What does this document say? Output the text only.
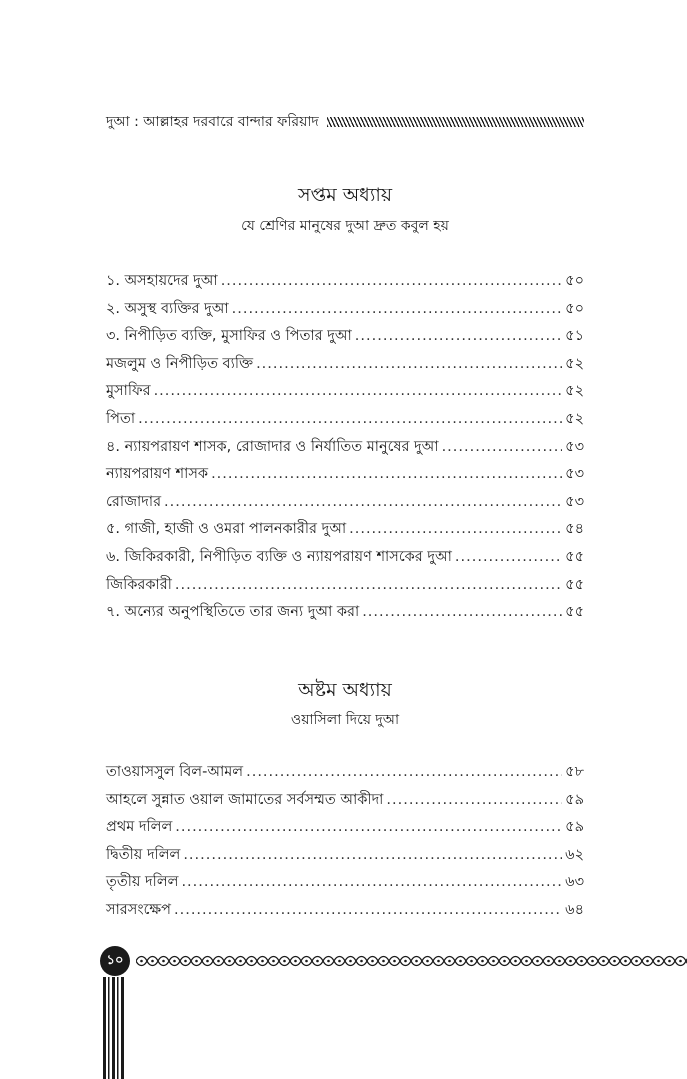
দুআ : আল্লাহর দরবারে বান্দার ফরিয়াদ
সপ্তম অধ্যায়
যে শ্রেণির মানুষের দুআ দ্রুত কবুল হয়
১. অসহায়দের দুআ .....	৫০
২. অসুস্থ ব্যক্তির দুআ .....	৫০
৩. নিপীড়িত ব্যক্তি, মুসাফির ও পিতার দুআ .....	৫১
মজলুম ও নিপীড়িত ব্যক্তি .....	৫২
মুসাফির .....	৫২
পিতা .....	৫২
৪. ন্যায়পরায়ণ শাসক, রোজাদার ও নির্যাতিত মানুষের দুআ .....	৫৩
ন্যায়পরায়ণ শাসক .....	৫৩
রোজাদার .....	৫৩
৫. গাজী, হাজী ও ওমরা পালনকারীর দুআ .....	৫৪
৬. জিকিরকারী, নিপীড়িত ব্যক্তি ও ন্যায়পরায়ণ শাসকের দুআ .....	৫৫
জিকিরকারী .....	৫৫
৭. অন্যের অনুপস্থিতিতে তার জন্য দুআ করা .....	৫৫
অষ্টম অধ্যায়
ওয়াসিলা দিয়ে দুআ
তাওয়াসসুল বিল-আমল .....	৫৮
আহলে সুন্নাত ওয়াল জামাতের সর্বসম্মত আকীদা .....	৫৯
প্রথম দলিল .....	৫৯
দ্বিতীয় দলিল .....	৬২
তৃতীয় দলিল .....	৬৩
সারসংক্ষেপ .....	৬৪
১০
